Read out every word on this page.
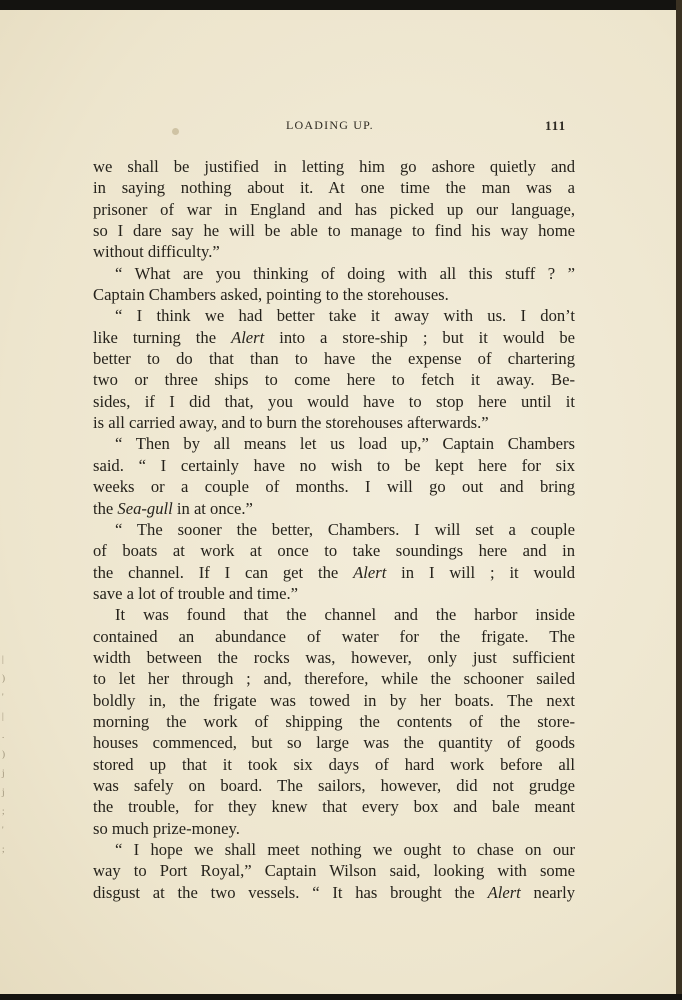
LOADING UP.	111
we shall be justified in letting him go ashore quietly and
in saying nothing about it. At one time the man was a
prisoner of war in England and has picked up our language,
so I dare say he will be able to manage to find his way home
without difficulty.”
“ What are you thinking of doing with all this stuff ? ”
Captain Chambers asked, pointing to the storehouses.
“ I think we had better take it away with us. I don’t
like turning the Alert into a store-ship ; but it would be
better to do that than to have the expense of chartering
two or three ships to come here to fetch it away. Be-
sides, if I did that, you would have to stop here until it
is all carried away, and to burn the storehouses afterwards.”
“ Then by all means let us load up,” Captain Chambers
said. “ I certainly have no wish to be kept here for six
weeks or a couple of months. I will go out and bring
the Sea-gull in at once.”
“ The sooner the better, Chambers. I will set a couple
of boats at work at once to take soundings here and in
the channel. If I can get the Alert in I will ; it would
save a lot of trouble and time.”
It was found that the channel and the harbor inside
contained an abundance of water for the frigate. The
width between the rocks was, however, only just sufficient
to let her through ; and, therefore, while the schooner sailed
boldly in, the frigate was towed in by her boats. The next
morning the work of shipping the contents of the store-
houses commenced, but so large was the quantity of goods
stored up that it took six days of hard work before all
was safely on board. The sailors, however, did not grudge
the trouble, for they knew that every box and bale meant
so much prize-money.
“ I hope we shall meet nothing we ought to chase on our
way to Port Royal,” Captain Wilson said, looking with some
disgust at the two vessels. “ It has brought the Alert nearly
|
)
'
|
.
)
j
j
;
'
;
